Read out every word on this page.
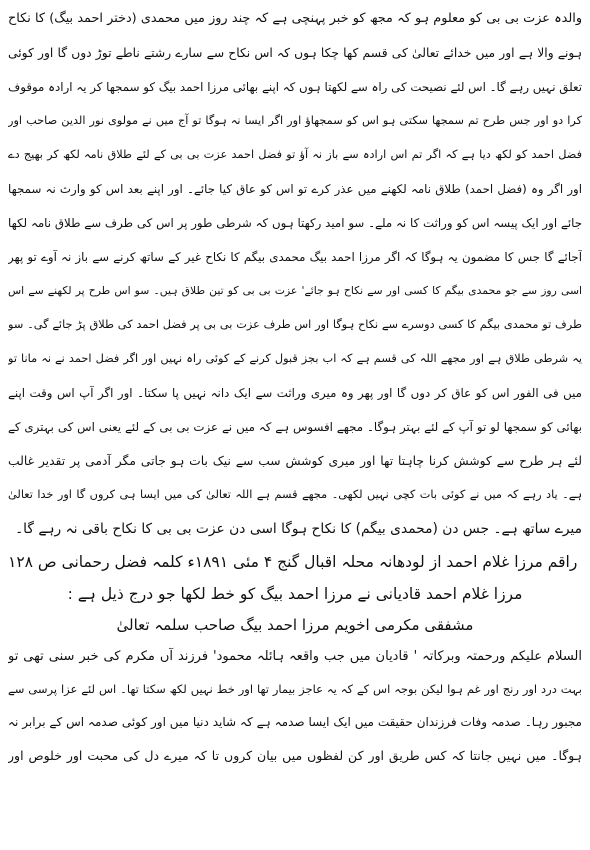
والدہ عزت بی بی کو معلوم ہو کہ مجھ کو خبر پہنچی ہے کہ چند روز میں محمدی (دختر احمد بیگ) کا نکاح
ہونے والا ہے اور میں خدائے تعالیٰ کی قسم کھا چکا ہوں کہ اس نکاح سے سارے رشتے ناطے توڑ دوں گا اور کوئی
تعلق نہیں رہے گا۔ اس لئے نصیحت کی راہ سے لکھتا ہوں کہ اپنے بھائی مرزا احمد بیگ کو سمجھا کر یہ ارادہ موقوف
کرا دو اور جس طرح تم سمجھا سکتی ہو اس کو سمجھاؤ اور اگر ایسا نہ ہوگا تو آج میں نے مولوی نور الدین صاحب اور
فضل احمد کو لکھ دیا ہے کہ اگر تم اس ارادہ سے باز نہ آؤ تو فضل احمد عزت بی بی کے لئے طلاق نامہ لکھ کر بھیج دے
اور اگر وہ (فضل احمد) طلاق نامہ لکھنے میں عذر کرے تو اس کو عاق کیا جائے۔ اور اپنے بعد اس کو وارث نہ سمجھا
جائے اور ایک پیسہ اس کو وراثت کا نہ ملے۔ سو امید رکھتا ہوں کہ شرطی طور پر اس کی طرف سے طلاق نامہ لکھا
آجائے گا جس کا مضمون یہ ہوگا کہ اگر مرزا احمد بیگ محمدی بیگم کا نکاح غیر کے ساتھ کرنے سے باز نہ آوے تو پھر
اسی روز سے جو محمدی بیگم کا کسی اور سے نکاح ہو جائے' عزت بی بی کو تین طلاق ہیں۔ سو اس طرح پر لکھنے سے اس
طرف تو محمدی بیگم کا کسی دوسرے سے نکاح ہوگا اور اس طرف عزت بی بی پر فضل احمد کی طلاق پڑ جائے گی۔ سو
یہ شرطی طلاق ہے اور مجھے اللہ کی قسم ہے کہ اب بجز قبول کرنے کے کوئی راہ نہیں اور اگر فضل احمد نے نہ مانا تو
میں فی الفور اس کو عاق کر دوں گا اور پھر وہ میری وراثت سے ایک دانہ نہیں پا سکتا۔ اور اگر آپ اس وقت اپنے
بھائی کو سمجھا لو تو آپ کے لئے بہتر ہوگا۔ مجھے افسوس ہے کہ میں نے عزت بی بی کے لئے یعنی اس کی بہتری کے
لئے ہر طرح سے کوشش کرنا چاہتا تھا اور میری کوشش سب سے نیک بات ہو جاتی مگر آدمی پر تقدیر غالب
ہے۔ یاد رہے کہ میں نے کوئی بات کچی نہیں لکھی۔ مجھے قسم ہے اللہ تعالیٰ کی میں ایسا ہی کروں گا اور خدا تعالیٰ
میرے ساتھ ہے۔ جس دن (محمدی بیگم) کا نکاح ہوگا اسی دن عزت بی بی کا نکاح باقی نہ رہے گا۔
راقم مرزا غلام احمد از لودھانہ محلہ اقبال گنج ۴ مئی ۱۸۹۱ء کلمہ فضل رحمانی ص ۱۲۸
مرزا غلام احمد قادیانی نے مرزا احمد بیگ کو خط لکھا جو درج ذیل ہے :
مشفقی مکرمی اخویم مرزا احمد بیگ صاحب سلمہ تعالیٰ
السلام علیکم ورحمتہ وبرکاتہ ' قادیان میں جب واقعہ ہائلہ محمود' فرزند آں مکرم کی خبر سنی تھی تو
بہت درد اور رنج اور غم ہوا لیکن بوجہ اس کے کہ یہ عاجز بیمار تھا اور خط نہیں لکھ سکتا تھا۔ اس لئے عزا پرسی سے
مجبور رہا۔ صدمہ وفات فرزندان حقیقت میں ایک ایسا صدمہ ہے کہ شاید دنیا میں اور کوئی صدمہ اس کے برابر نہ
ہوگا۔ میں نہیں جانتا کہ کس طریق اور کن لفظوں میں بیان کروں تا کہ میرے دل کی محبت اور خلوص اور
